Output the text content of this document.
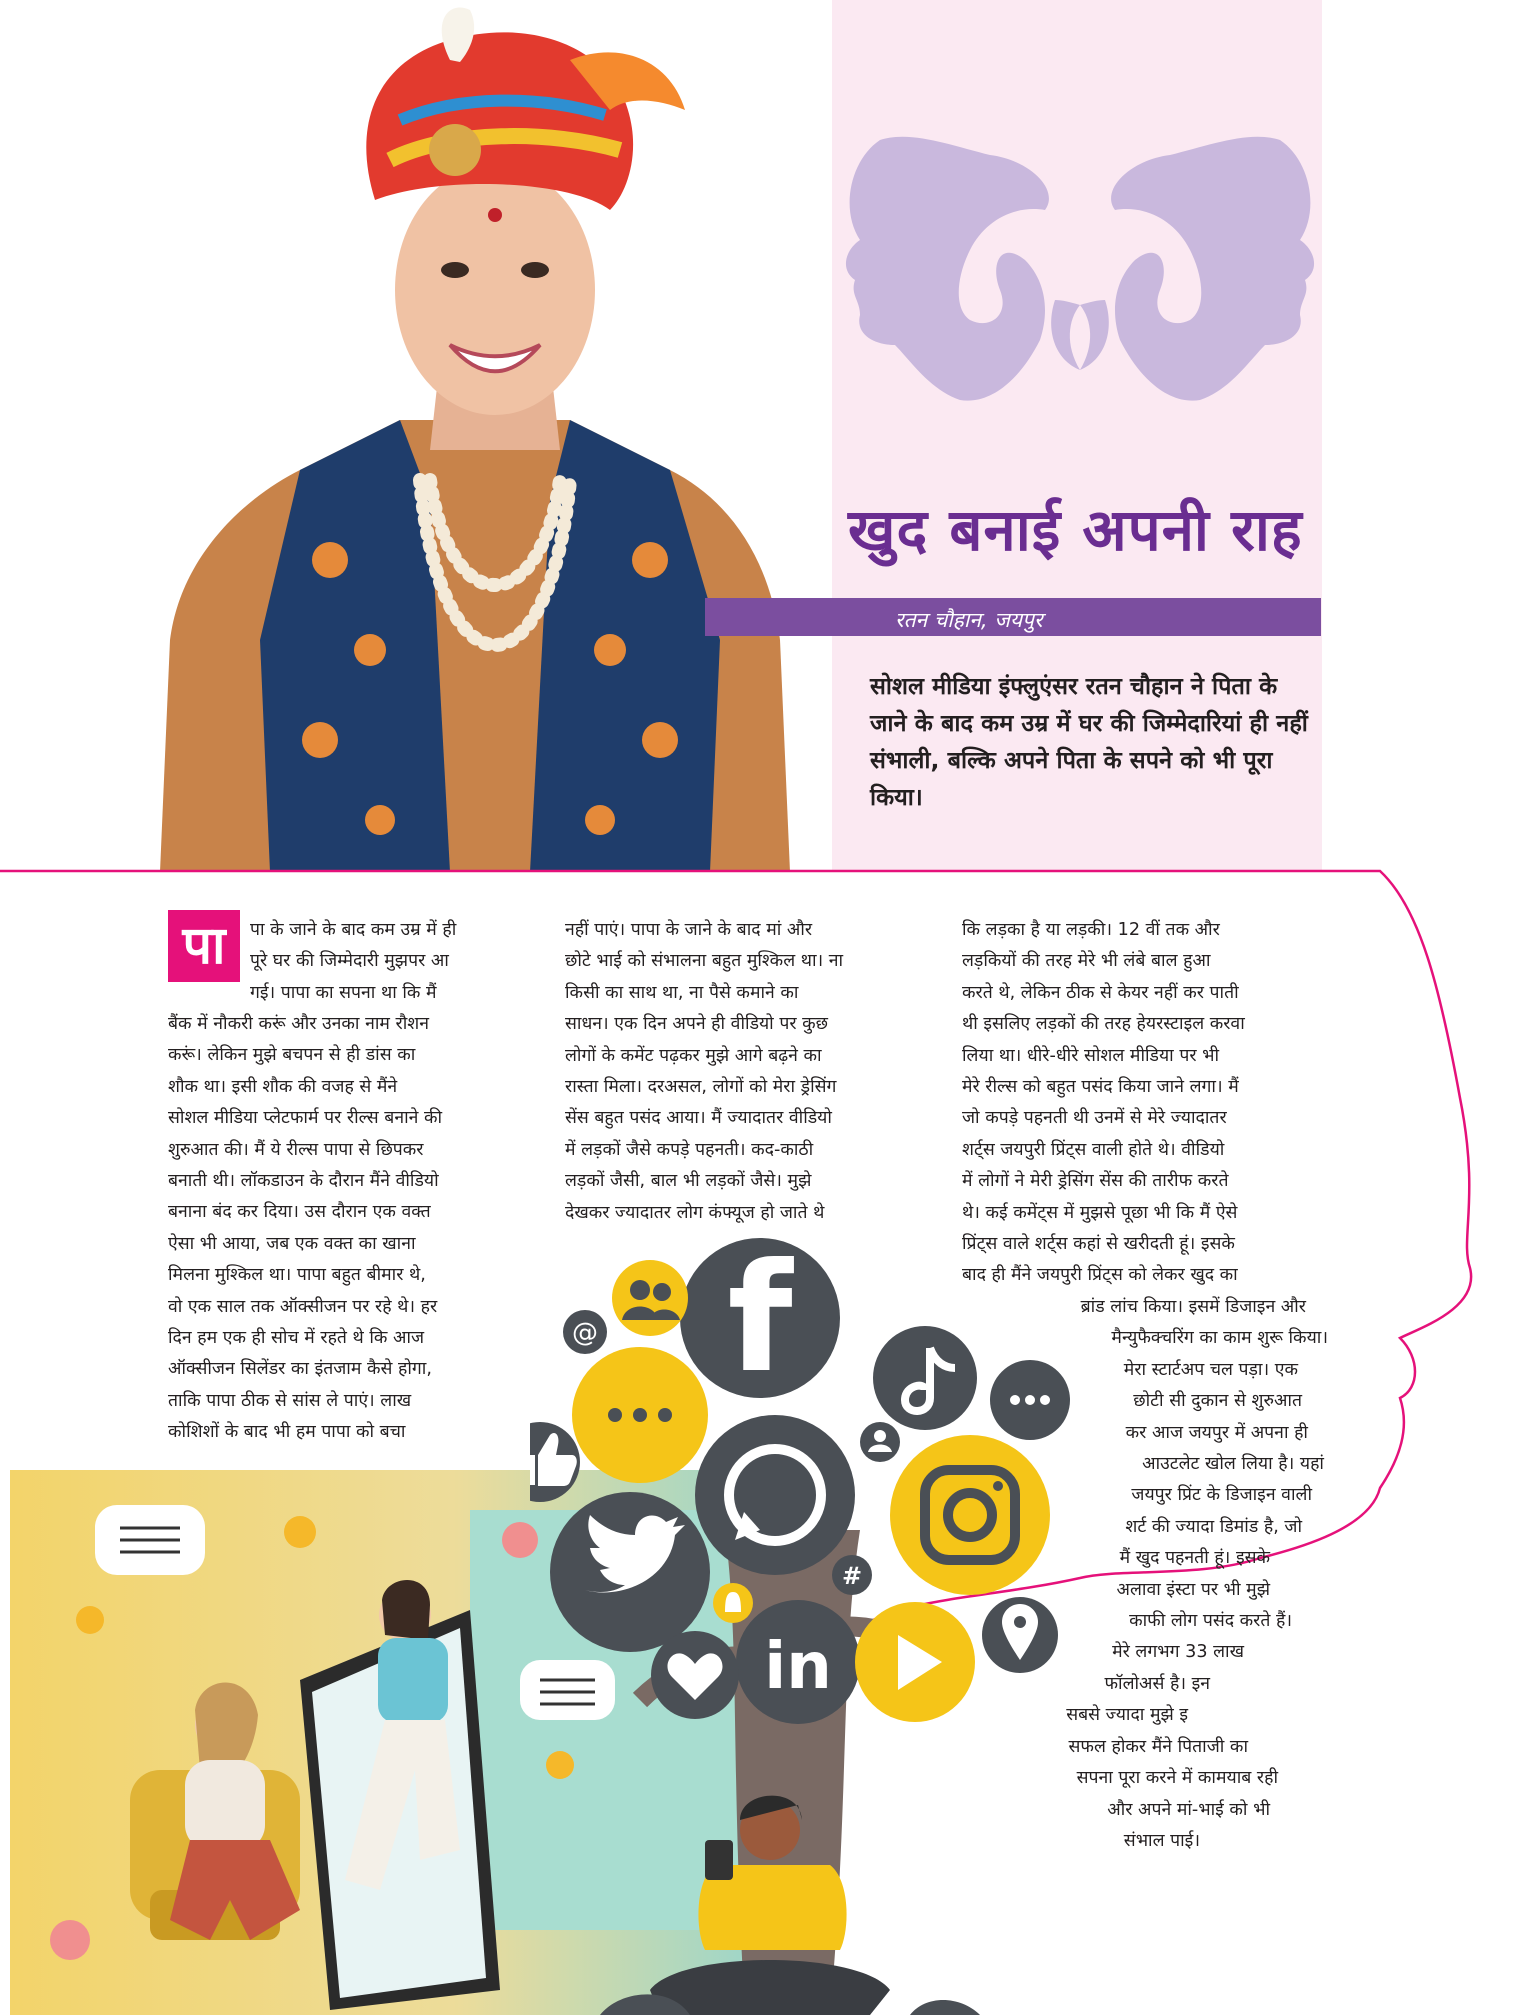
खुद बनाई अपनी राह
रतन चौहान, जयपुर
सोशल मीडिया इंफ्लुएंसर रतन चौहान ने पिता के जाने के बाद कम उम्र में घर की जिम्मेदारियां ही नहीं संभाली, बल्कि अपने पिता के सपने को भी पूरा किया।
पा	पा के जाने के बाद कम उम्र में ही

पूरे घर की जिम्मेदारी मुझपर आ

गई। पापा का सपना था कि मैं

बैंक में नौकरी करूं और उनका नाम रौशन

करूं। लेकिन मुझे बचपन से ही डांस का

शौक था। इसी शौक की वजह से मैंने

सोशल मीडिया प्लेटफार्म पर रील्स बनाने की

शुरुआत की। मैं ये रील्स पापा से छिपकर

बनाती थी। लॉकडाउन के दौरान मैंने वीडियो

बनाना बंद कर दिया। उस दौरान एक वक्त

ऐसा भी आया, जब एक वक्त का खाना

मिलना मुश्किल था। पापा बहुत बीमार थे,

वो एक साल तक ऑक्सीजन पर रहे थे। हर

दिन हम एक ही सोच में रहते थे कि आज

ऑक्सीजन सिलेंडर का इंतजाम कैसे होगा,

ताकि पापा ठीक से सांस ले पाएं। लाख

कोशिशों के बाद भी हम पापा को बचा

नहीं पाएं। पापा के जाने के बाद मां और

छोटे भाई को संभालना बहुत मुश्किल था। ना

किसी का साथ था, ना पैसे कमाने का

साधन। एक दिन अपने ही वीडियो पर कुछ

लोगों के कमेंट पढ़कर मुझे आगे बढ़ने का

रास्ता मिला। दरअसल, लोगों को मेरा ड्रेसिंग

सेंस बहुत पसंद आया। मैं ज्यादातर वीडियो

में लड़कों जैसे कपड़े पहनती। कद-काठी

लड़कों जैसी, बाल भी लड़कों जैसे। मुझे

देखकर ज्यादातर लोग कंफ्यूज हो जाते थे

कि लड़का है या लड़की। 12 वीं तक और

लड़कियों की तरह मेरे भी लंबे बाल हुआ

करते थे, लेकिन ठीक से केयर नहीं कर पाती

थी इसलिए लड़कों की तरह हेयरस्टाइल करवा

लिया था। धीरे-धीरे सोशल मीडिया पर भी

मेरे रील्स को बहुत पसंद किया जाने लगा। मैं

जो कपड़े पहनती थी उनमें से मेरे ज्यादातर

शर्ट्स जयपुरी प्रिंट्स वाली होते थे। वीडियो

में लोगों ने मेरी ड्रेसिंग सेंस की तारीफ करते

थे। कई कमेंट्स में मुझसे पूछा भी कि मैं ऐसे

प्रिंट्स वाले शर्ट्स कहां से खरीदती हूं। इसके

बाद ही मैंने जयपुरी प्रिंट्स को लेकर खुद का

ब्रांड लांच किया। इसमें डिजाइन और

मैन्युफैक्चरिंग का काम शुरू किया।

मेरा स्टार्टअप चल पड़ा। एक

छोटी सी दुकान से शुरुआत

कर आज जयपुर में अपना ही

आउटलेट खोल लिया है। यहां

जयपुर प्रिंट के डिजाइन वाली

शर्ट की ज्यादा डिमांड है, जो

मैं खुद पहनती हूं। इसके

अलावा इंस्टा पर भी मुझे

काफी लोग पसंद करते हैं।

मेरे लगभग 33 लाख

फॉलोअर्स है। इन

सबसे ज्यादा मुझे इ

सफल होकर मैंने पिताजी का

सपना पूरा करने में कामयाब रही

और अपने मां-भाई को भी

संभाल पाई।

f
@
#
in
